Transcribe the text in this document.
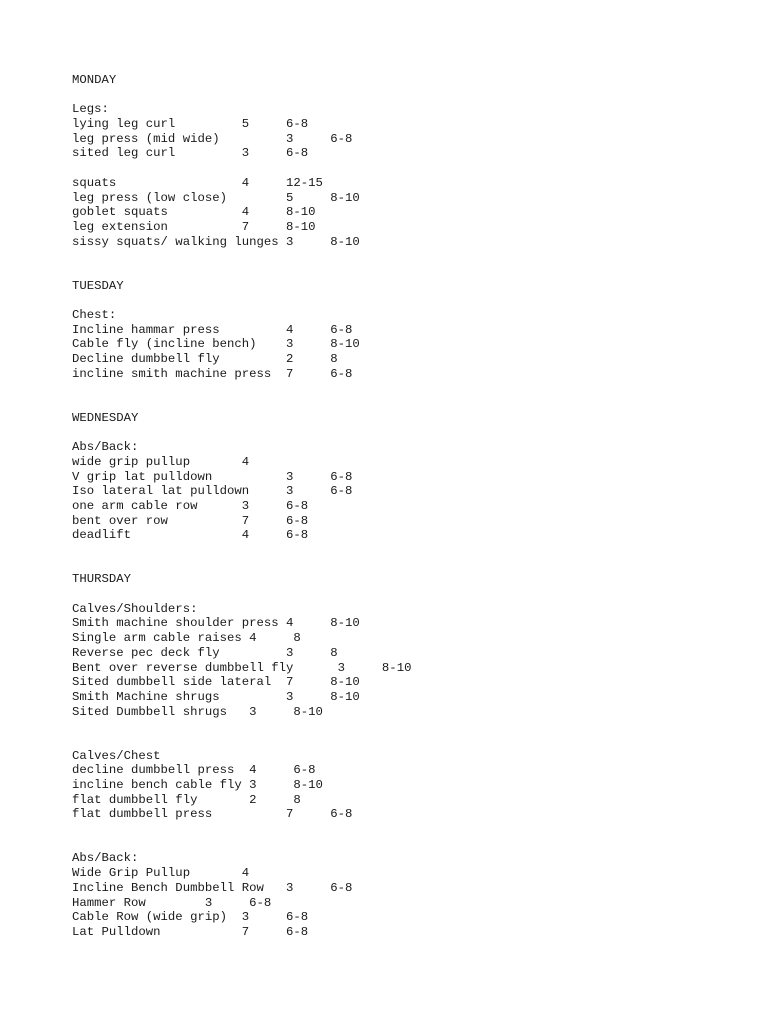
MONDAY
Legs:
lying leg curl         5     6-8
leg press (mid wide)         3     6-8
sited leg curl         3     6-8
squats                 4     12-15
leg press (low close)        5     8-10
goblet squats          4     8-10
leg extension          7     8-10
sissy squats/ walking lunges 3     8-10
TUESDAY
Chest:
Incline hammar press         4     6-8
Cable fly (incline bench)    3     8-10
Decline dumbbell fly         2     8
incline smith machine press  7     6-8
WEDNESDAY
Abs/Back:
wide grip pullup       4
V grip lat pulldown          3     6-8
Iso lateral lat pulldown     3     6-8
one arm cable row      3     6-8
bent over row          7     6-8
deadlift               4     6-8
THURSDAY
Calves/Shoulders:
Smith machine shoulder press 4     8-10
Single arm cable raises 4     8
Reverse pec deck fly         3     8
Bent over reverse dumbbell fly      3     8-10
Sited dumbbell side lateral  7     8-10
Smith Machine shrugs         3     8-10
Sited Dumbbell shrugs   3     8-10
Calves/Chest
decline dumbbell press  4     6-8
incline bench cable fly 3     8-10
flat dumbbell fly       2     8
flat dumbbell press          7     6-8
Abs/Back:
Wide Grip Pullup       4
Incline Bench Dumbbell Row   3     6-8
Hammer Row        3     6-8
Cable Row (wide grip)  3     6-8
Lat Pulldown           7     6-8
